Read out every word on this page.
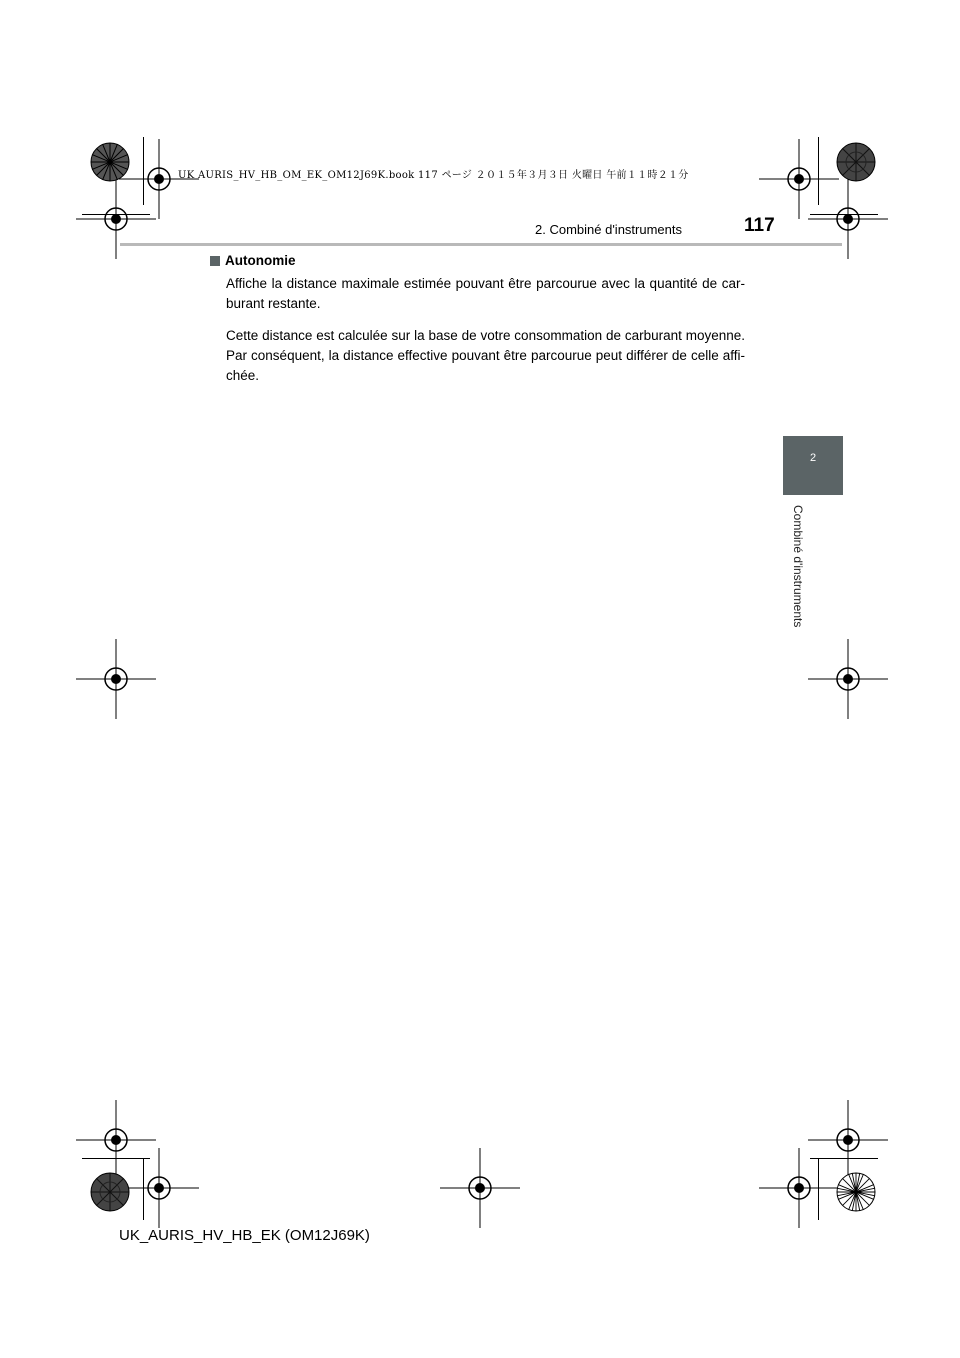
UK AURIS_HV_HB_OM_EK_OM12J69K.book 117 ページ ２０１５年３月３日 火曜日 午前１１時２１分
2. Combiné d'instruments	117
2
Combiné d'instruments
Autonomie

Affiche la distance maximale estimée pouvant être parcourue avec la quantité de car-burant restante.

Cette distance est calculée sur la base de votre consommation de carburant moyenne. Par conséquent, la distance effective pouvant être parcourue peut différer de celle affi-chée.

UK_AURIS_HV_HB_EK (OM12J69K)
